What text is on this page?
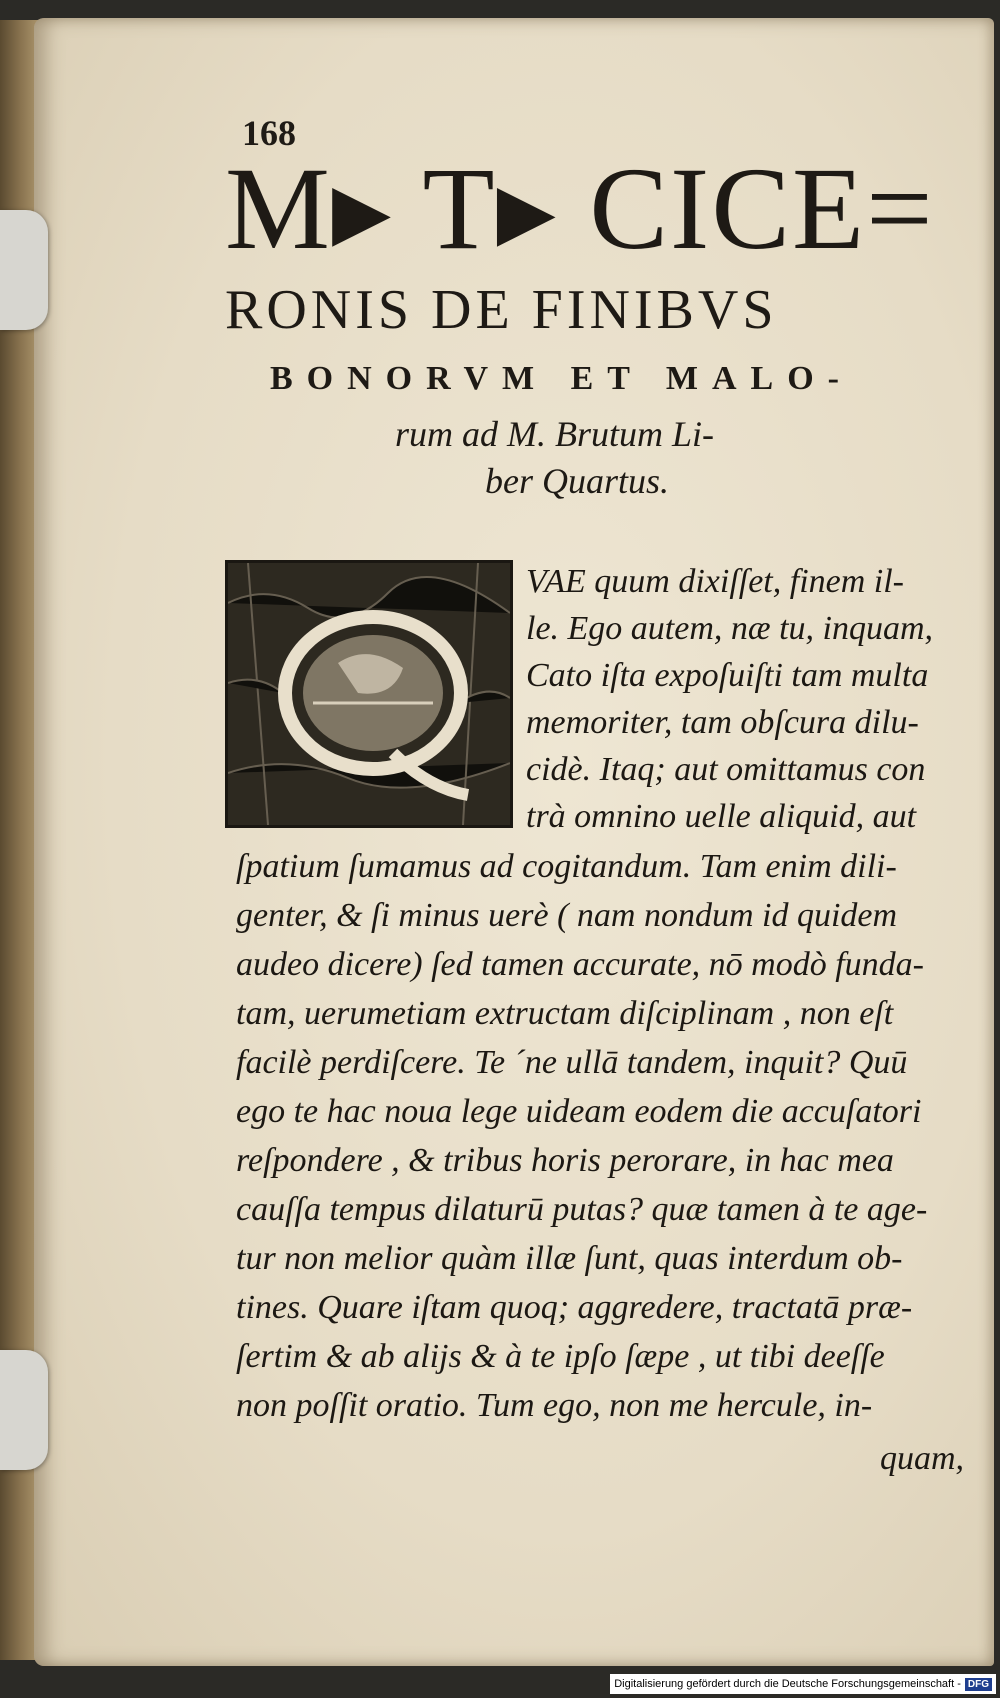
168
M▸ T▸ CICE=
RONIS DE FINIBVS
BONORVM ET MALO-
rum ad M. Brutum Li-
ber Quartus.
VAE quum dixiſſet, finem il-
le. Ego autem, næ tu, inquam,
Cato iſta expoſuiſti tam multa
memoriter, tam obſcura dilu-
cidè. Itaq; aut omittamus con
trà omnino uelle aliquid, aut
ſpatium ſumamus ad cogitandum. Tam enim dili-
genter, & ſi minus uerè ( nam nondum id quidem
audeo dicere) ſed tamen accurate, nō modò funda-
tam, uerumetiam extructam diſciplinam , non eſt
facilè perdiſcere. Te ´ne ullā tandem, inquit? Quū
ego te hac noua lege uideam eodem die accuſatori
reſpondere , & tribus horis perorare, in hac mea
cauſſa tempus dilaturū putas? quæ tamen à te age-
tur non melior quàm illæ ſunt, quas interdum ob-
tines. Quare iſtam quoq; aggredere, tractatā præ-
ſertim & ab alijs & à te ipſo ſæpe , ut tibi deeſſe
non poſſit oratio. Tum ego, non me hercule, in-
quam,
Digitalisierung gefördert durch die Deutsche Forschungsgemeinschaft - DFG
